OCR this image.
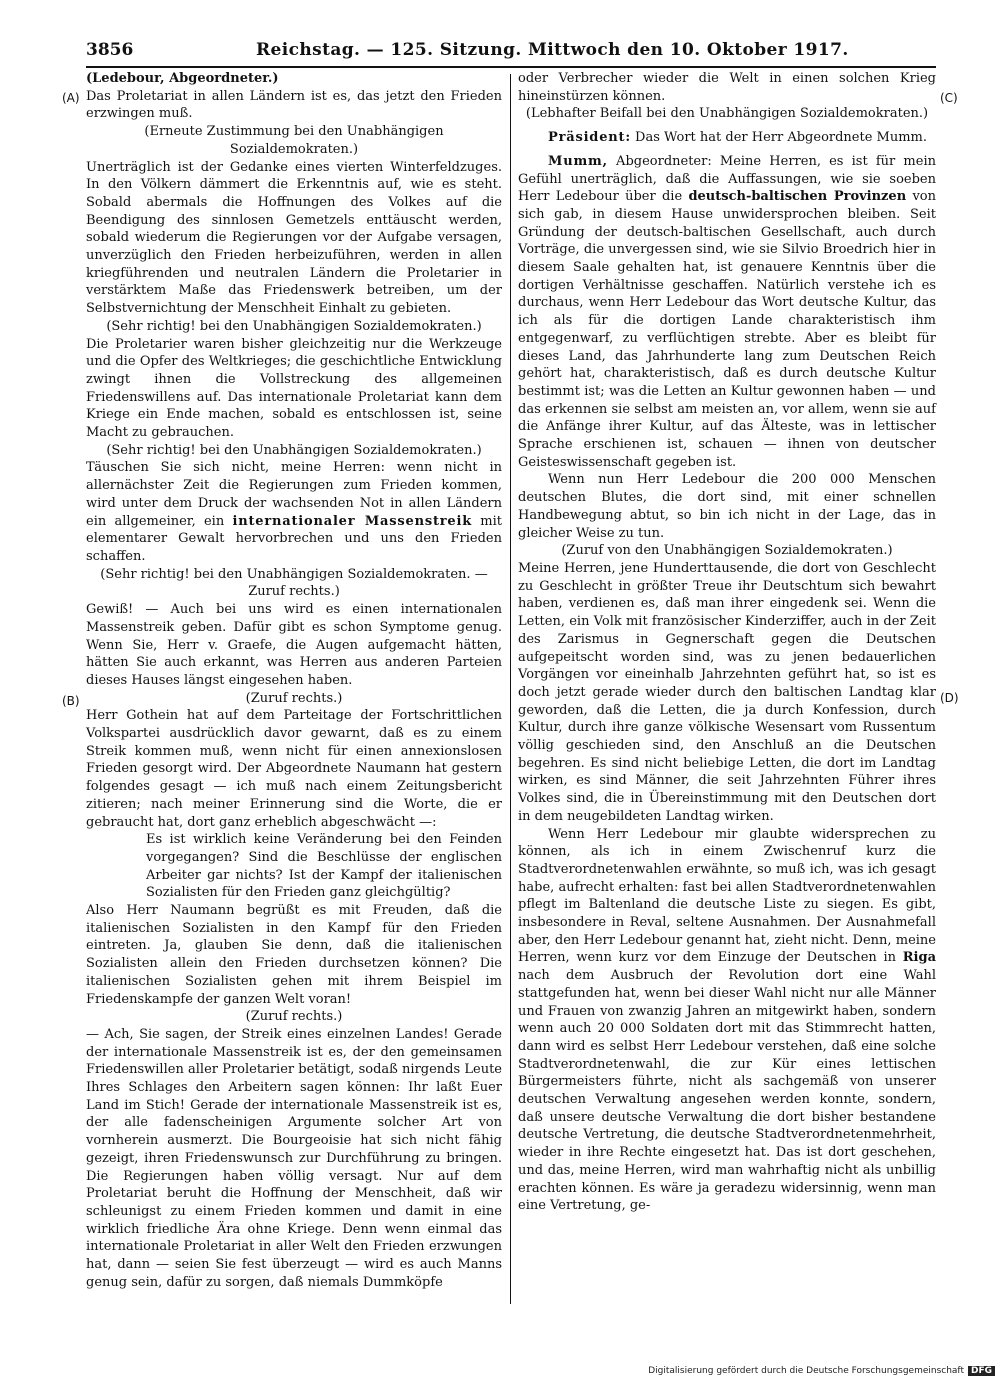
3856	Reichstag. — 125. Sitzung. Mittwoch den 10. Oktober 1917.
(A)
(B)
(C)
(D)

(Ledebour, Abgeordneter.)

Das Proletariat in allen Ländern ist es, das jetzt den Frieden erzwingen muß.

(Erneute Zustimmung bei den Unabhängigen Sozialdemokraten.)

Unerträglich ist der Gedanke eines vierten Winterfeldzuges. In den Völkern dämmert die Erkenntnis auf, wie es steht. Sobald abermals die Hoffnungen des Volkes auf die Beendigung des sinnlosen Gemetzels enttäuscht werden, sobald wiederum die Regierungen vor der Aufgabe versagen, unverzüglich den Frieden herbeizuführen, werden in allen kriegführenden und neutralen Ländern die Proletarier in verstärktem Maße das Friedenswerk betreiben, um der Selbstvernichtung der Menschheit Einhalt zu gebieten.

(Sehr richtig! bei den Unabhängigen Sozialdemokraten.)

Die Proletarier waren bisher gleichzeitig nur die Werkzeuge und die Opfer des Weltkrieges; die geschichtliche Entwicklung zwingt ihnen die Vollstreckung des allgemeinen Friedenswillens auf. Das internationale Proletariat kann dem Kriege ein Ende machen, sobald es entschlossen ist, seine Macht zu gebrauchen.

(Sehr richtig! bei den Unabhängigen Sozialdemokraten.)

Täuschen Sie sich nicht, meine Herren: wenn nicht in allernächster Zeit die Regierungen zum Frieden kommen, wird unter dem Druck der wachsenden Not in allen Ländern ein allgemeiner, ein internationaler Massenstreik mit elementarer Gewalt hervorbrechen und uns den Frieden schaffen.

(Sehr richtig! bei den Unabhängigen Sozialdemokraten. — Zuruf rechts.)

Gewiß! — Auch bei uns wird es einen internationalen Massenstreik geben. Dafür gibt es schon Symptome genug. Wenn Sie, Herr v. Graefe, die Augen aufgemacht hätten, hätten Sie auch erkannt, was Herren aus anderen Parteien dieses Hauses längst eingesehen haben.

(Zuruf rechts.)

Herr Gothein hat auf dem Parteitage der Fortschrittlichen Volkspartei ausdrücklich davor gewarnt, daß es zu einem Streik kommen muß, wenn nicht für einen annexionslosen Frieden gesorgt wird. Der Abgeordnete Naumann hat gestern folgendes gesagt — ich muß nach einem Zeitungsbericht zitieren; nach meiner Erinnerung sind die Worte, die er gebraucht hat, dort ganz erheblich abgeschwächt —:

Es ist wirklich keine Veränderung bei den Feinden vorgegangen? Sind die Beschlüsse der englischen Arbeiter gar nichts? Ist der Kampf der italienischen Sozialisten für den Frieden ganz gleichgültig?

Also Herr Naumann begrüßt es mit Freuden, daß die italienischen Sozialisten in den Kampf für den Frieden eintreten. Ja, glauben Sie denn, daß die italienischen Sozialisten allein den Frieden durchsetzen können? Die italienischen Sozialisten gehen mit ihrem Beispiel im Friedenskampfe der ganzen Welt voran!

(Zuruf rechts.)

— Ach, Sie sagen, der Streik eines einzelnen Landes! Gerade der internationale Massenstreik ist es, der den gemeinsamen Friedenswillen aller Proletarier betätigt, sodaß nirgends Leute Ihres Schlages den Arbeitern sagen können: Ihr laßt Euer Land im Stich! Gerade der internationale Massenstreik ist es, der alle fadenscheinigen Argumente solcher Art von vornherein ausmerzt. Die Bourgeoisie hat sich nicht fähig gezeigt, ihren Friedenswunsch zur Durchführung zu bringen. Die Regierungen haben völlig versagt. Nur auf dem Proletariat beruht die Hoffnung der Menschheit, daß wir schleunigst zu einem Frieden kommen und damit in eine wirklich friedliche Ära ohne Kriege. Denn wenn einmal das internationale Proletariat in aller Welt den Frieden erzwungen hat, dann — seien Sie fest überzeugt — wird es auch Manns genug sein, dafür zu sorgen, daß niemals Dummköpfe

oder Verbrecher wieder die Welt in einen solchen Krieg hineinstürzen können.

(Lebhafter Beifall bei den Unabhängigen Sozialdemokraten.)

Präsident: Das Wort hat der Herr Abgeordnete Mumm.

Mumm, Abgeordneter: Meine Herren, es ist für mein Gefühl unerträglich, daß die Auffassungen, wie sie soeben Herr Ledebour über die deutsch-baltischen Provinzen von sich gab, in diesem Hause unwidersprochen bleiben. Seit Gründung der deutsch-baltischen Gesellschaft, auch durch Vorträge, die unvergessen sind, wie sie Silvio Broedrich hier in diesem Saale gehalten hat, ist genauere Kenntnis über die dortigen Verhältnisse geschaffen. Natürlich verstehe ich es durchaus, wenn Herr Ledebour das Wort deutsche Kultur, das ich als für die dortigen Lande charakteristisch ihm entgegenwarf, zu verflüchtigen strebte. Aber es bleibt für dieses Land, das Jahrhunderte lang zum Deutschen Reich gehört hat, charakteristisch, daß es durch deutsche Kultur bestimmt ist; was die Letten an Kultur gewonnen haben — und das erkennen sie selbst am meisten an, vor allem, wenn sie auf die Anfänge ihrer Kultur, auf das Älteste, was in lettischer Sprache erschienen ist, schauen — ihnen von deutscher Geisteswissenschaft gegeben ist.

Wenn nun Herr Ledebour die 200 000 Menschen deutschen Blutes, die dort sind, mit einer schnellen Handbewegung abtut, so bin ich nicht in der Lage, das in gleicher Weise zu tun.

(Zuruf von den Unabhängigen Sozialdemokraten.)

Meine Herren, jene Hunderttausende, die dort von Geschlecht zu Geschlecht in größter Treue ihr Deutschtum sich bewahrt haben, verdienen es, daß man ihrer eingedenk sei. Wenn die Letten, ein Volk mit französischer Kinderziffer, auch in der Zeit des Zarismus in Gegnerschaft gegen die Deutschen aufgepeitscht worden sind, was zu jenen bedauerlichen Vorgängen vor eineinhalb Jahrzehnten geführt hat, so ist es doch jetzt gerade wieder durch den baltischen Landtag klar geworden, daß die Letten, die ja durch Konfession, durch Kultur, durch ihre ganze völkische Wesensart vom Russentum völlig geschieden sind, den Anschluß an die Deutschen begehren. Es sind nicht beliebige Letten, die dort im Landtag wirken, es sind Männer, die seit Jahrzehnten Führer ihres Volkes sind, die in Übereinstimmung mit den Deutschen dort in dem neugebildeten Landtag wirken.

Wenn Herr Ledebour mir glaubte widersprechen zu können, als ich in einem Zwischenruf kurz die Stadtverordnetenwahlen erwähnte, so muß ich, was ich gesagt habe, aufrecht erhalten: fast bei allen Stadtverordnetenwahlen pflegt im Baltenland die deutsche Liste zu siegen. Es gibt, insbesondere in Reval, seltene Ausnahmen. Der Ausnahmefall aber, den Herr Ledebour genannt hat, zieht nicht. Denn, meine Herren, wenn kurz vor dem Einzuge der Deutschen in Riga nach dem Ausbruch der Revolution dort eine Wahl stattgefunden hat, wenn bei dieser Wahl nicht nur alle Männer und Frauen von zwanzig Jahren an mitgewirkt haben, sondern wenn auch 20 000 Soldaten dort mit das Stimmrecht hatten, dann wird es selbst Herr Ledebour verstehen, daß eine solche Stadtverordnetenwahl, die zur Kür eines lettischen Bürgermeisters führte, nicht als sachgemäß von unserer deutschen Verwaltung angesehen werden konnte, sondern, daß unsere deutsche Verwaltung die dort bisher bestandene deutsche Vertretung, die deutsche Stadtverordnetenmehrheit, wieder in ihre Rechte eingesetzt hat. Das ist dort geschehen, und das, meine Herren, wird man wahrhaftig nicht als unbillig erachten können. Es wäre ja geradezu widersinnig, wenn man eine Vertretung, ge-

Digitalisierung gefördert durch die Deutsche Forschungsgemeinschaft DFG
